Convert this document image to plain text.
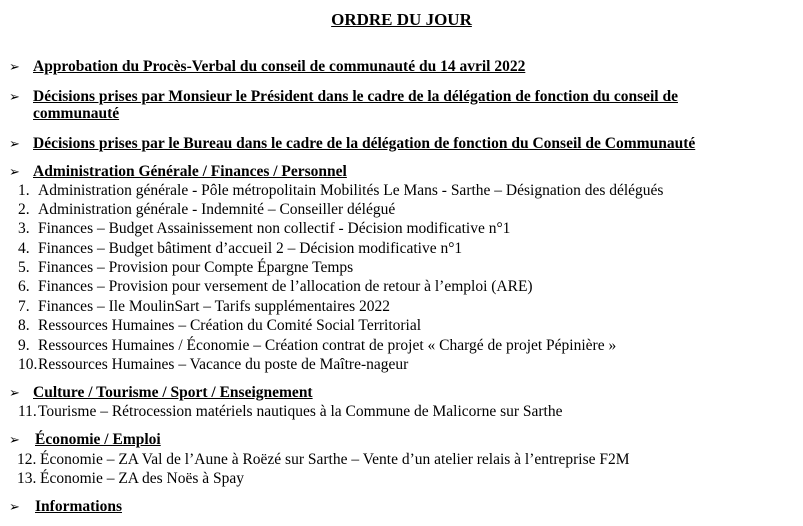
ORDRE DU JOUR
➢ Approbation du Procès-Verbal du conseil de communauté du 14 avril 2022
➢ Décisions prises par Monsieur le Président dans le cadre de la délégation de fonction du conseil de
communauté
➢ Décisions prises par le Bureau dans le cadre de la délégation de fonction du Conseil de Communauté
➢ Administration Générale / Finances / Personnel
1. Administration générale - Pôle métropolitain Mobilités Le Mans - Sarthe – Désignation des délégués
2. Administration générale - Indemnité – Conseiller délégué
3. Finances – Budget Assainissement non collectif - Décision modificative n°1
4. Finances – Budget bâtiment d’accueil 2 – Décision modificative n°1
5. Finances – Provision pour Compte Épargne Temps
6. Finances – Provision pour versement de l’allocation de retour à l’emploi (ARE)
7. Finances – Ile MoulinSart – Tarifs supplémentaires 2022
8. Ressources Humaines – Création du Comité Social Territorial
9. Ressources Humaines / Économie – Création contrat de projet « Chargé de projet Pépinière »
10. Ressources Humaines – Vacance du poste de Maître-nageur
➢ Culture / Tourisme / Sport / Enseignement
11. Tourisme – Rétrocession matériels nautiques à la Commune de Malicorne sur Sarthe
➢ Économie / Emploi
12. Économie – ZA Val de l’Aune à Roëzé sur Sarthe – Vente d’un atelier relais à l’entreprise F2M
13. Économie – ZA des Noës à Spay
➢ Informations
